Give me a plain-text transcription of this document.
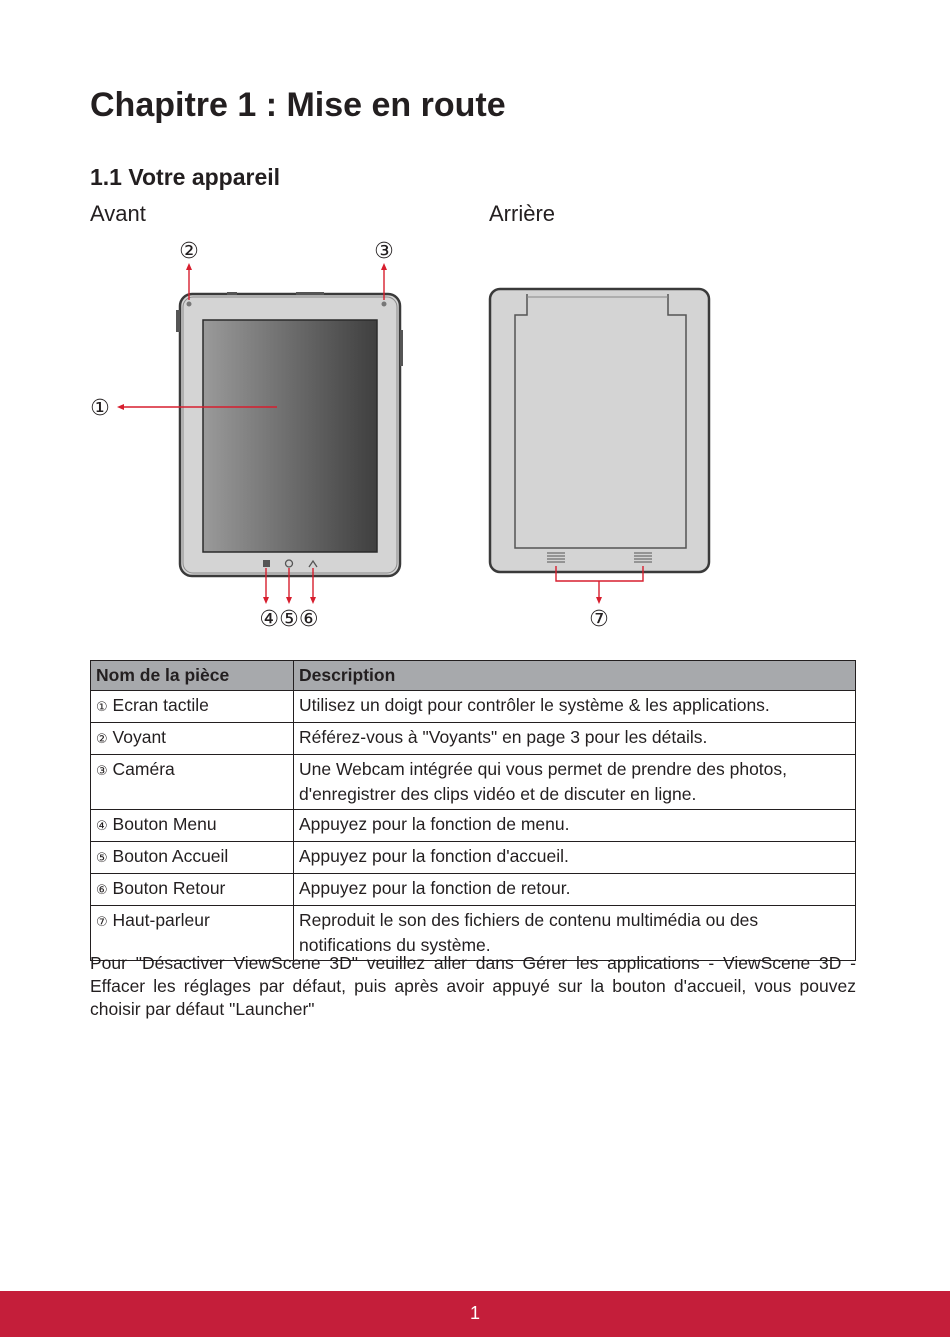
Chapitre 1 : Mise en route
1.1 Votre appareil
Avant	Arrière
①
②	③
④⑤⑥	⑦
Nom de la pièce	Description
① Ecran tactile	Utilisez un doigt pour contrôler le système & les applications.
② Voyant	Référez-vous à "Voyants" en page 3 pour les détails.
③ Caméra	Une Webcam intégrée qui vous permet de prendre des photos, d'enregistrer des clips vidéo et de discuter en ligne.
④ Bouton Menu	Appuyez pour la fonction de menu.
⑤ Bouton Accueil	Appuyez pour la fonction d'accueil.
⑥ Bouton Retour	Appuyez pour la fonction de retour.
⑦ Haut-parleur	Reproduit le son des fichiers de contenu multimédia ou des notifications du système.

Pour "Désactiver ViewScene 3D" veuillez aller dans Gérer les applications - ViewScene 3D - Effacer les réglages par défaut, puis après avoir appuyé sur la bouton d'accueil, vous pouvez choisir par défaut "Launcher"

1
